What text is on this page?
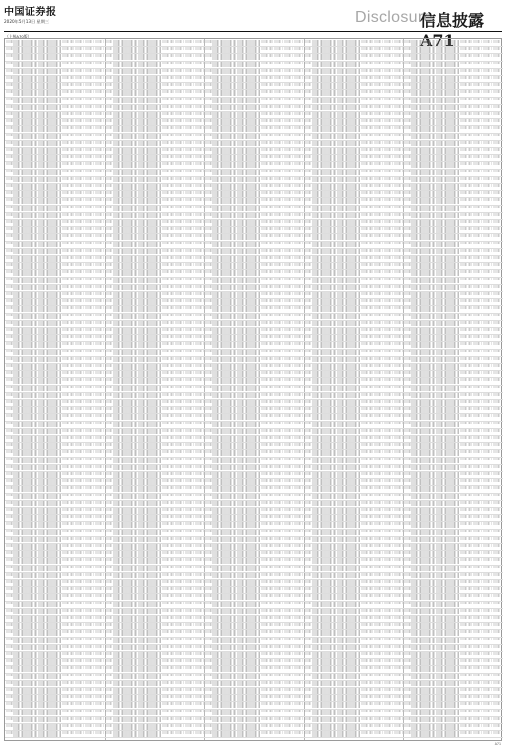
中国证券报
2020年5月13日 星期三	Disclosure
信息披露
（上接A70版）
A71
